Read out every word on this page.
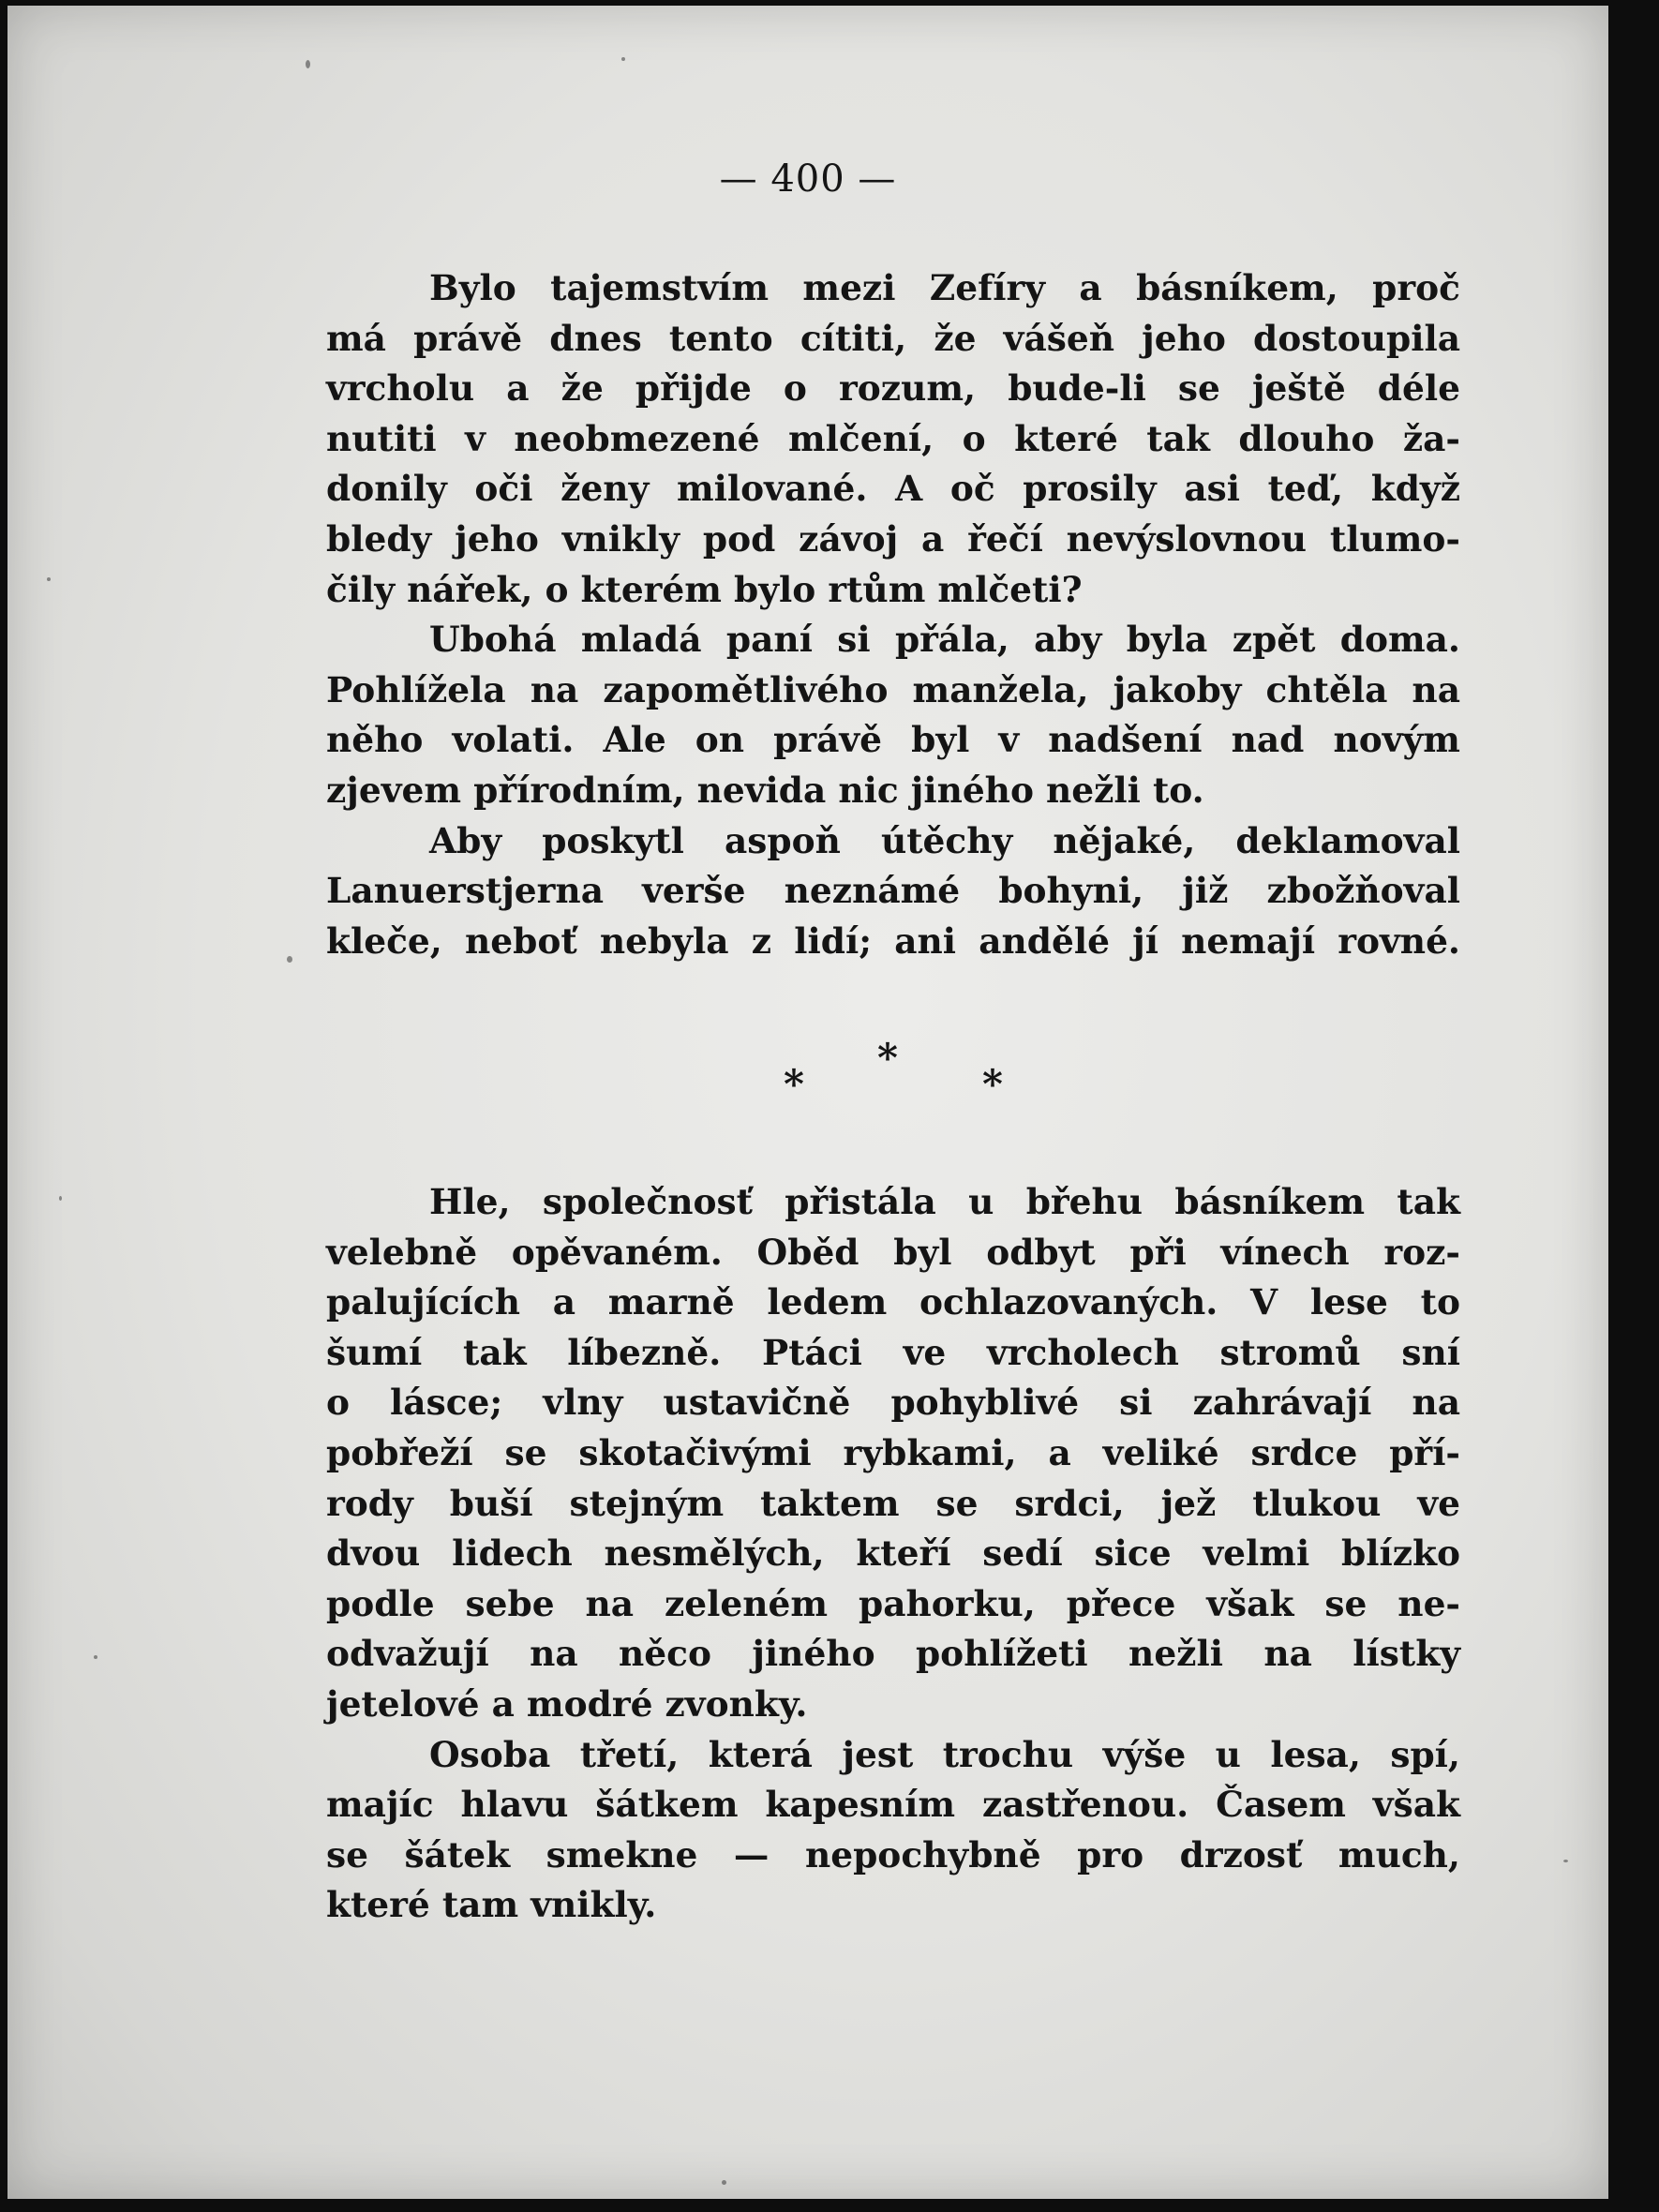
— 400 —
Bylo tajemstvím mezi Zefíry a básníkem, proč
má právě dnes tento cítiti, že vášeň jeho dostoupila
vrcholu a že přijde o rozum, bude-li se ještě déle
nutiti v neobmezené mlčení, o které tak dlouho ža-
donily oči ženy milované. A oč prosily asi teď, když
bledy jeho vnikly pod závoj a řečí nevýslovnou tlumo-
čily nářek, o kterém bylo rtům mlčeti?
Ubohá mladá paní si přála, aby byla zpět doma.
Pohlížela na zapomětlivého manžela, jakoby chtěla na
něho volati. Ale on právě byl v nadšení nad novým
zjevem přírodním, nevida nic jiného nežli to.
Aby poskytl aspoň útěchy nějaké, deklamoval
Lanuerstjerna verše neznámé bohyni, již zbožňoval
kleče, neboť nebyla z lidí; ani andělé jí nemají rovné.
*
*	*
Hle, společnosť přistála u břehu básníkem tak
velebně opěvaném. Oběd byl odbyt při vínech roz-
palujících a marně ledem ochlazovaných. V lese to
šumí tak líbezně. Ptáci ve vrcholech stromů sní
o lásce; vlny ustavičně pohyblivé si zahrávají na
pobřeží se skotačivými rybkami, a veliké srdce pří-
rody buší stejným taktem se srdci, jež tlukou ve
dvou lidech nesmělých, kteří sedí sice velmi blízko
podle sebe na zeleném pahorku, přece však se ne-
odvažují na něco jiného pohlížeti nežli na lístky
jetelové a modré zvonky.
Osoba třetí, která jest trochu výše u lesa, spí,
majíc hlavu šátkem kapesním zastřenou. Časem však
se šátek smekne — nepochybně pro drzosť much,
které tam vnikly.
